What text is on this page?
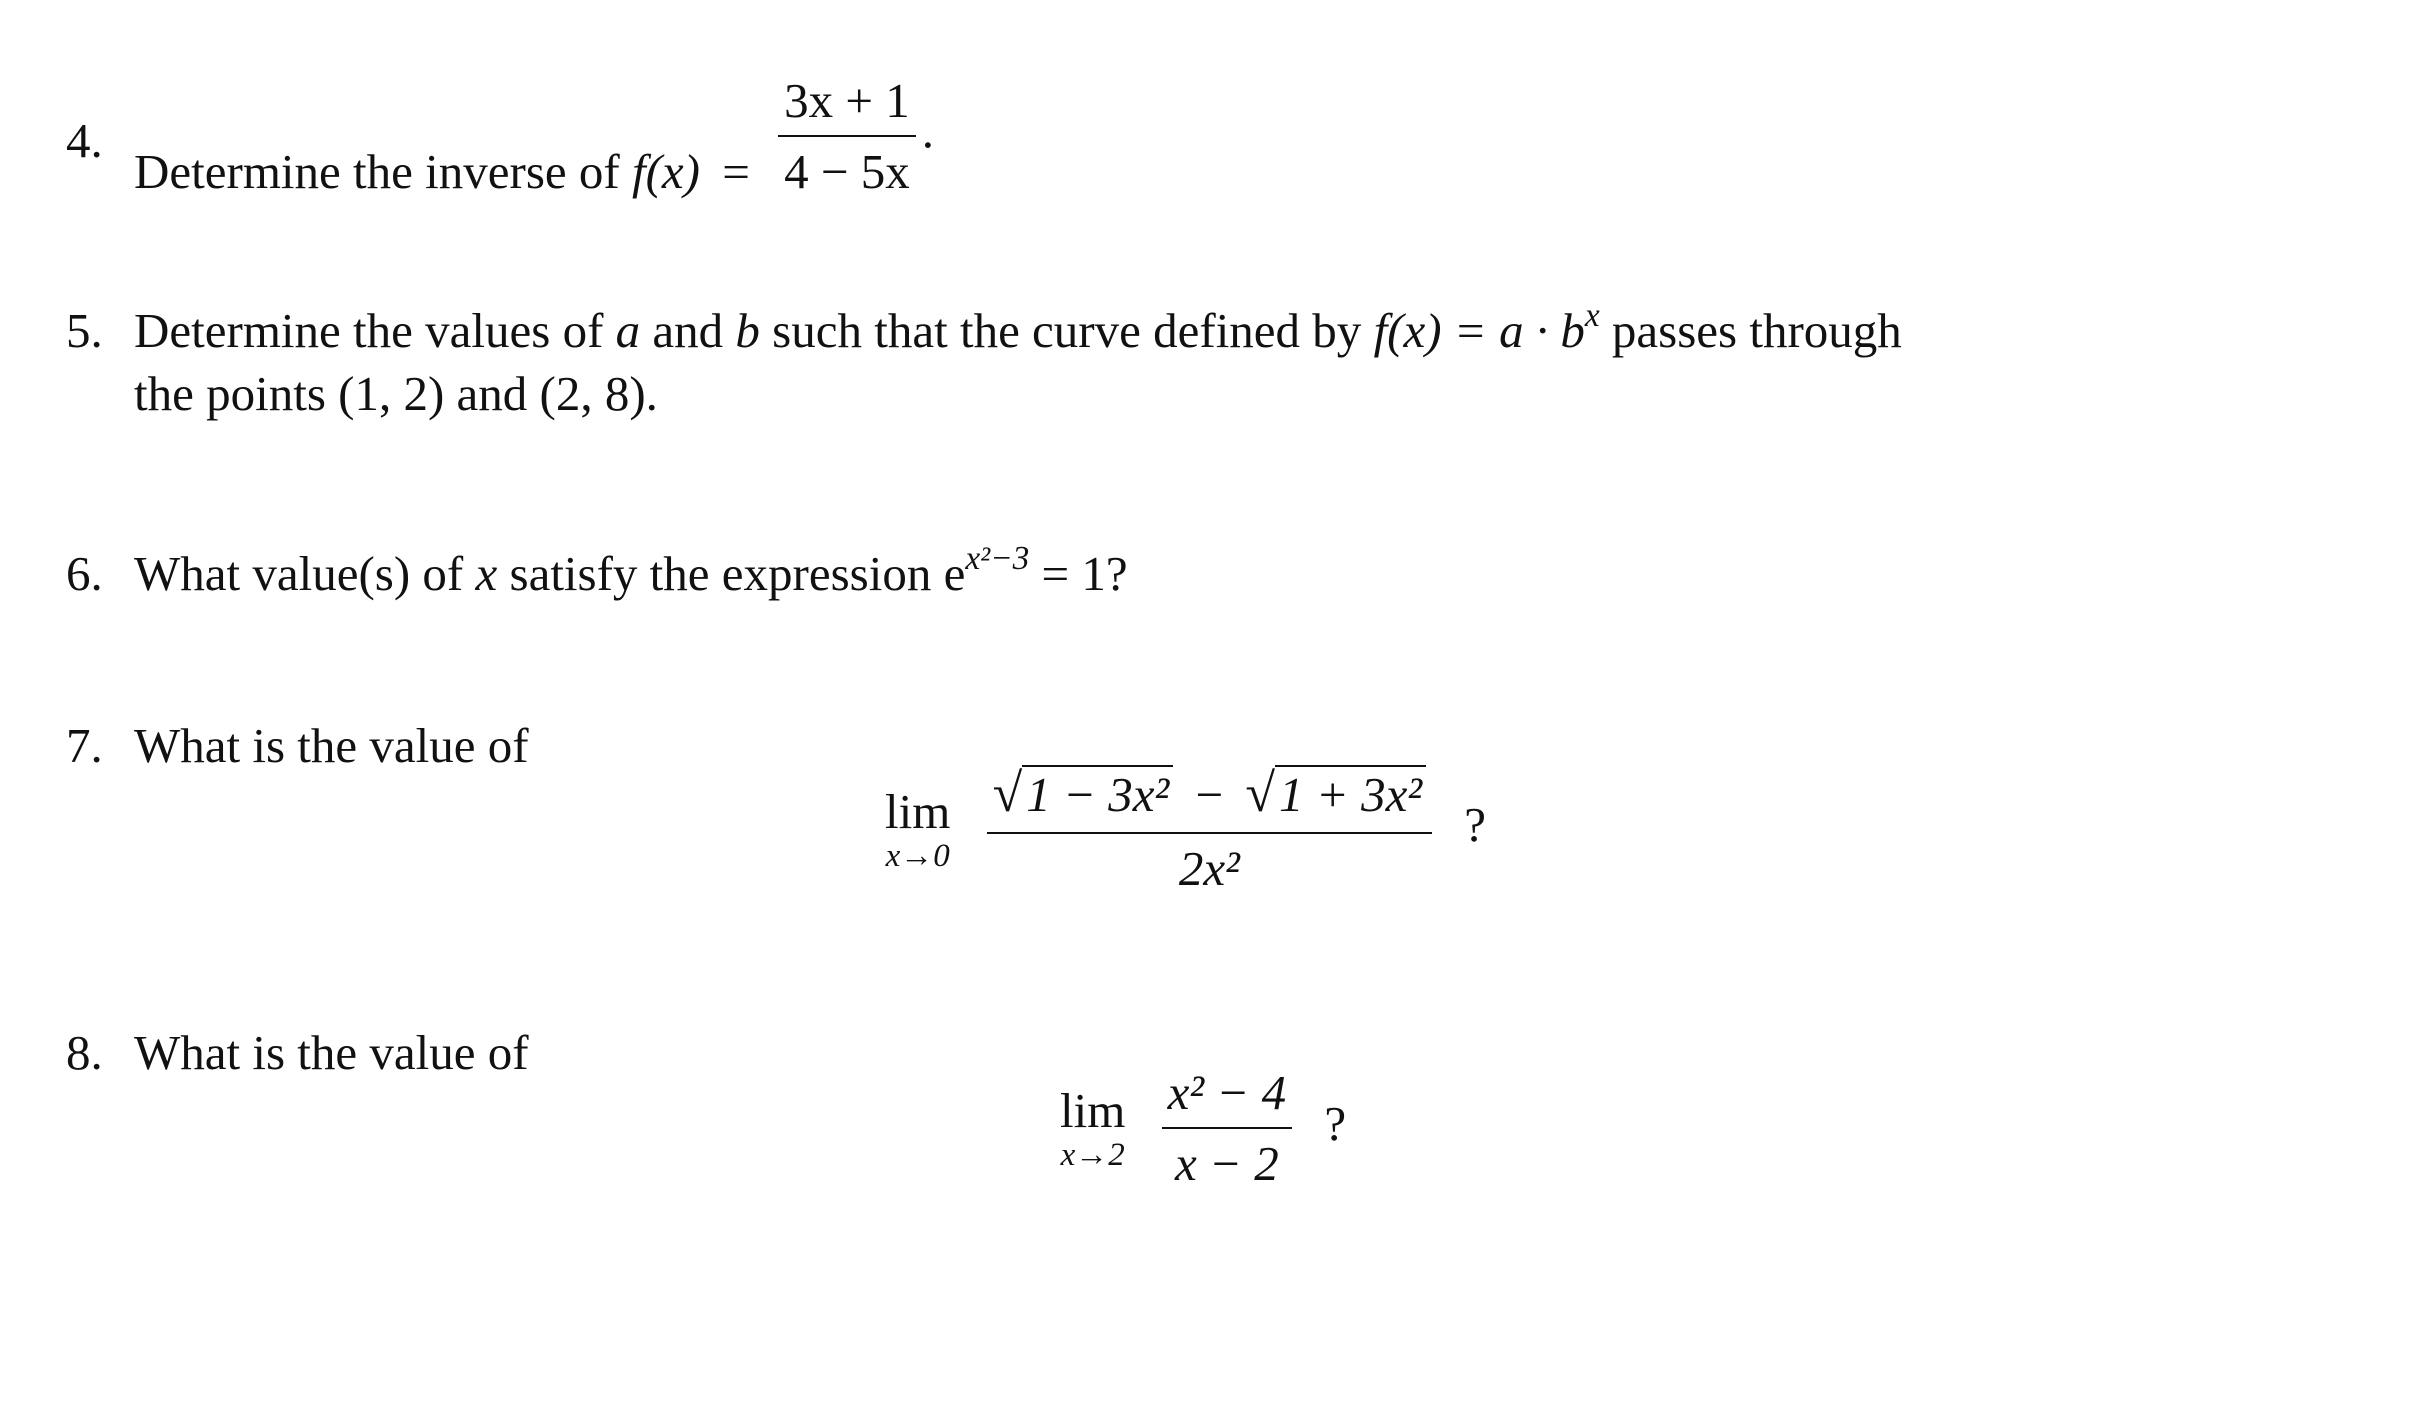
4.
Determine the inverse of $f(x) = \frac{3x + 1}{4 - 5x}$ .
5. Determine the values of a and b such that the curve defined by $f(x) = a \cdot b^x$ passes through
the points (1, 2) and (2, 8).
6. What value(s) of x satisfy the expression $e^{x^2-3} = 1$?
7. What is the value of
lim
x→0
$\frac{\text{√1 − 3x² − √1 + 3x²}}{\text{2x²}}$ ?
8. What is the value of
lim
x→2
$\frac{\text{x² − 4}}{x - 2}$ ?
